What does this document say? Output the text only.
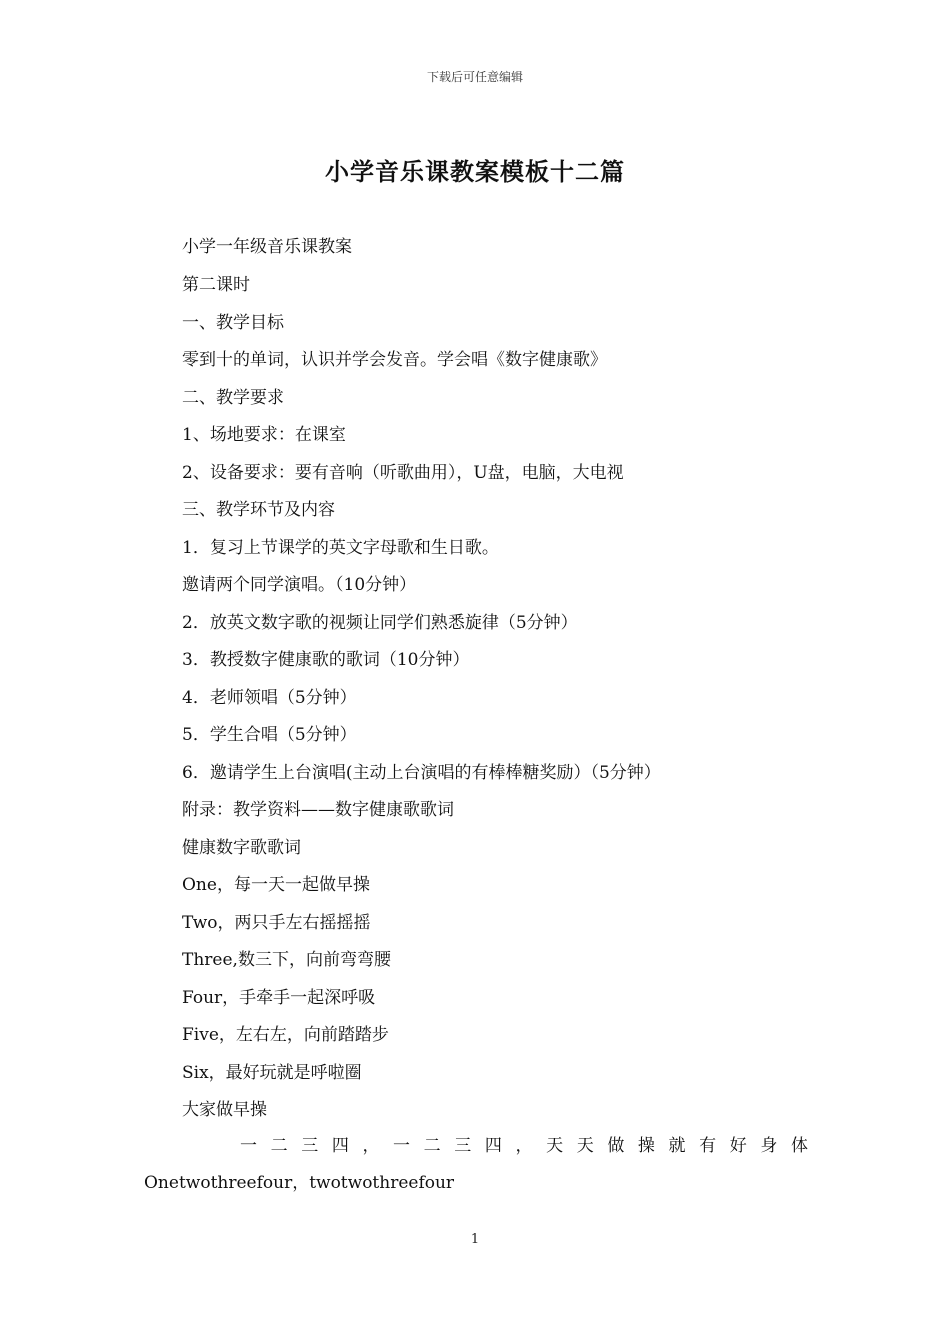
下载后可任意编辑
小学音乐课教案模板十二篇
小学一年级音乐课教案
第二课时
一、教学目标
零到十的单词，认识并学会发音。学会唱《数字健康歌》
二、教学要求
1、场地要求：在课室
2、设备要求：要有音响（听歌曲用），U盘，电脑，大电视
三、教学环节及内容
1．复习上节课学的英文字母歌和生日歌。
邀请两个同学演唱。（10分钟）
2．放英文数字歌的视频让同学们熟悉旋律（5分钟）
3．教授数字健康歌的歌词（10分钟）
4．老师领唱（5分钟）
5．学生合唱（5分钟）
6．邀请学生上台演唱(主动上台演唱的有棒棒糖奖励）（5分钟）
附录：教学资料——数字健康歌歌词
健康数字歌歌词
One，每一天一起做早操
Two，两只手左右摇摇摇
Three,数三下，向前弯弯腰
Four，手牵手一起深呼吸
Five，左右左，向前踏踏步
Six，最好玩就是呼啦圈
大家做早操
一 二 三 四 ， 一 二 三 四 ， 天 天 做 操 就 有 好 身 体
Onetwothreefour，twotwothreefour
1
